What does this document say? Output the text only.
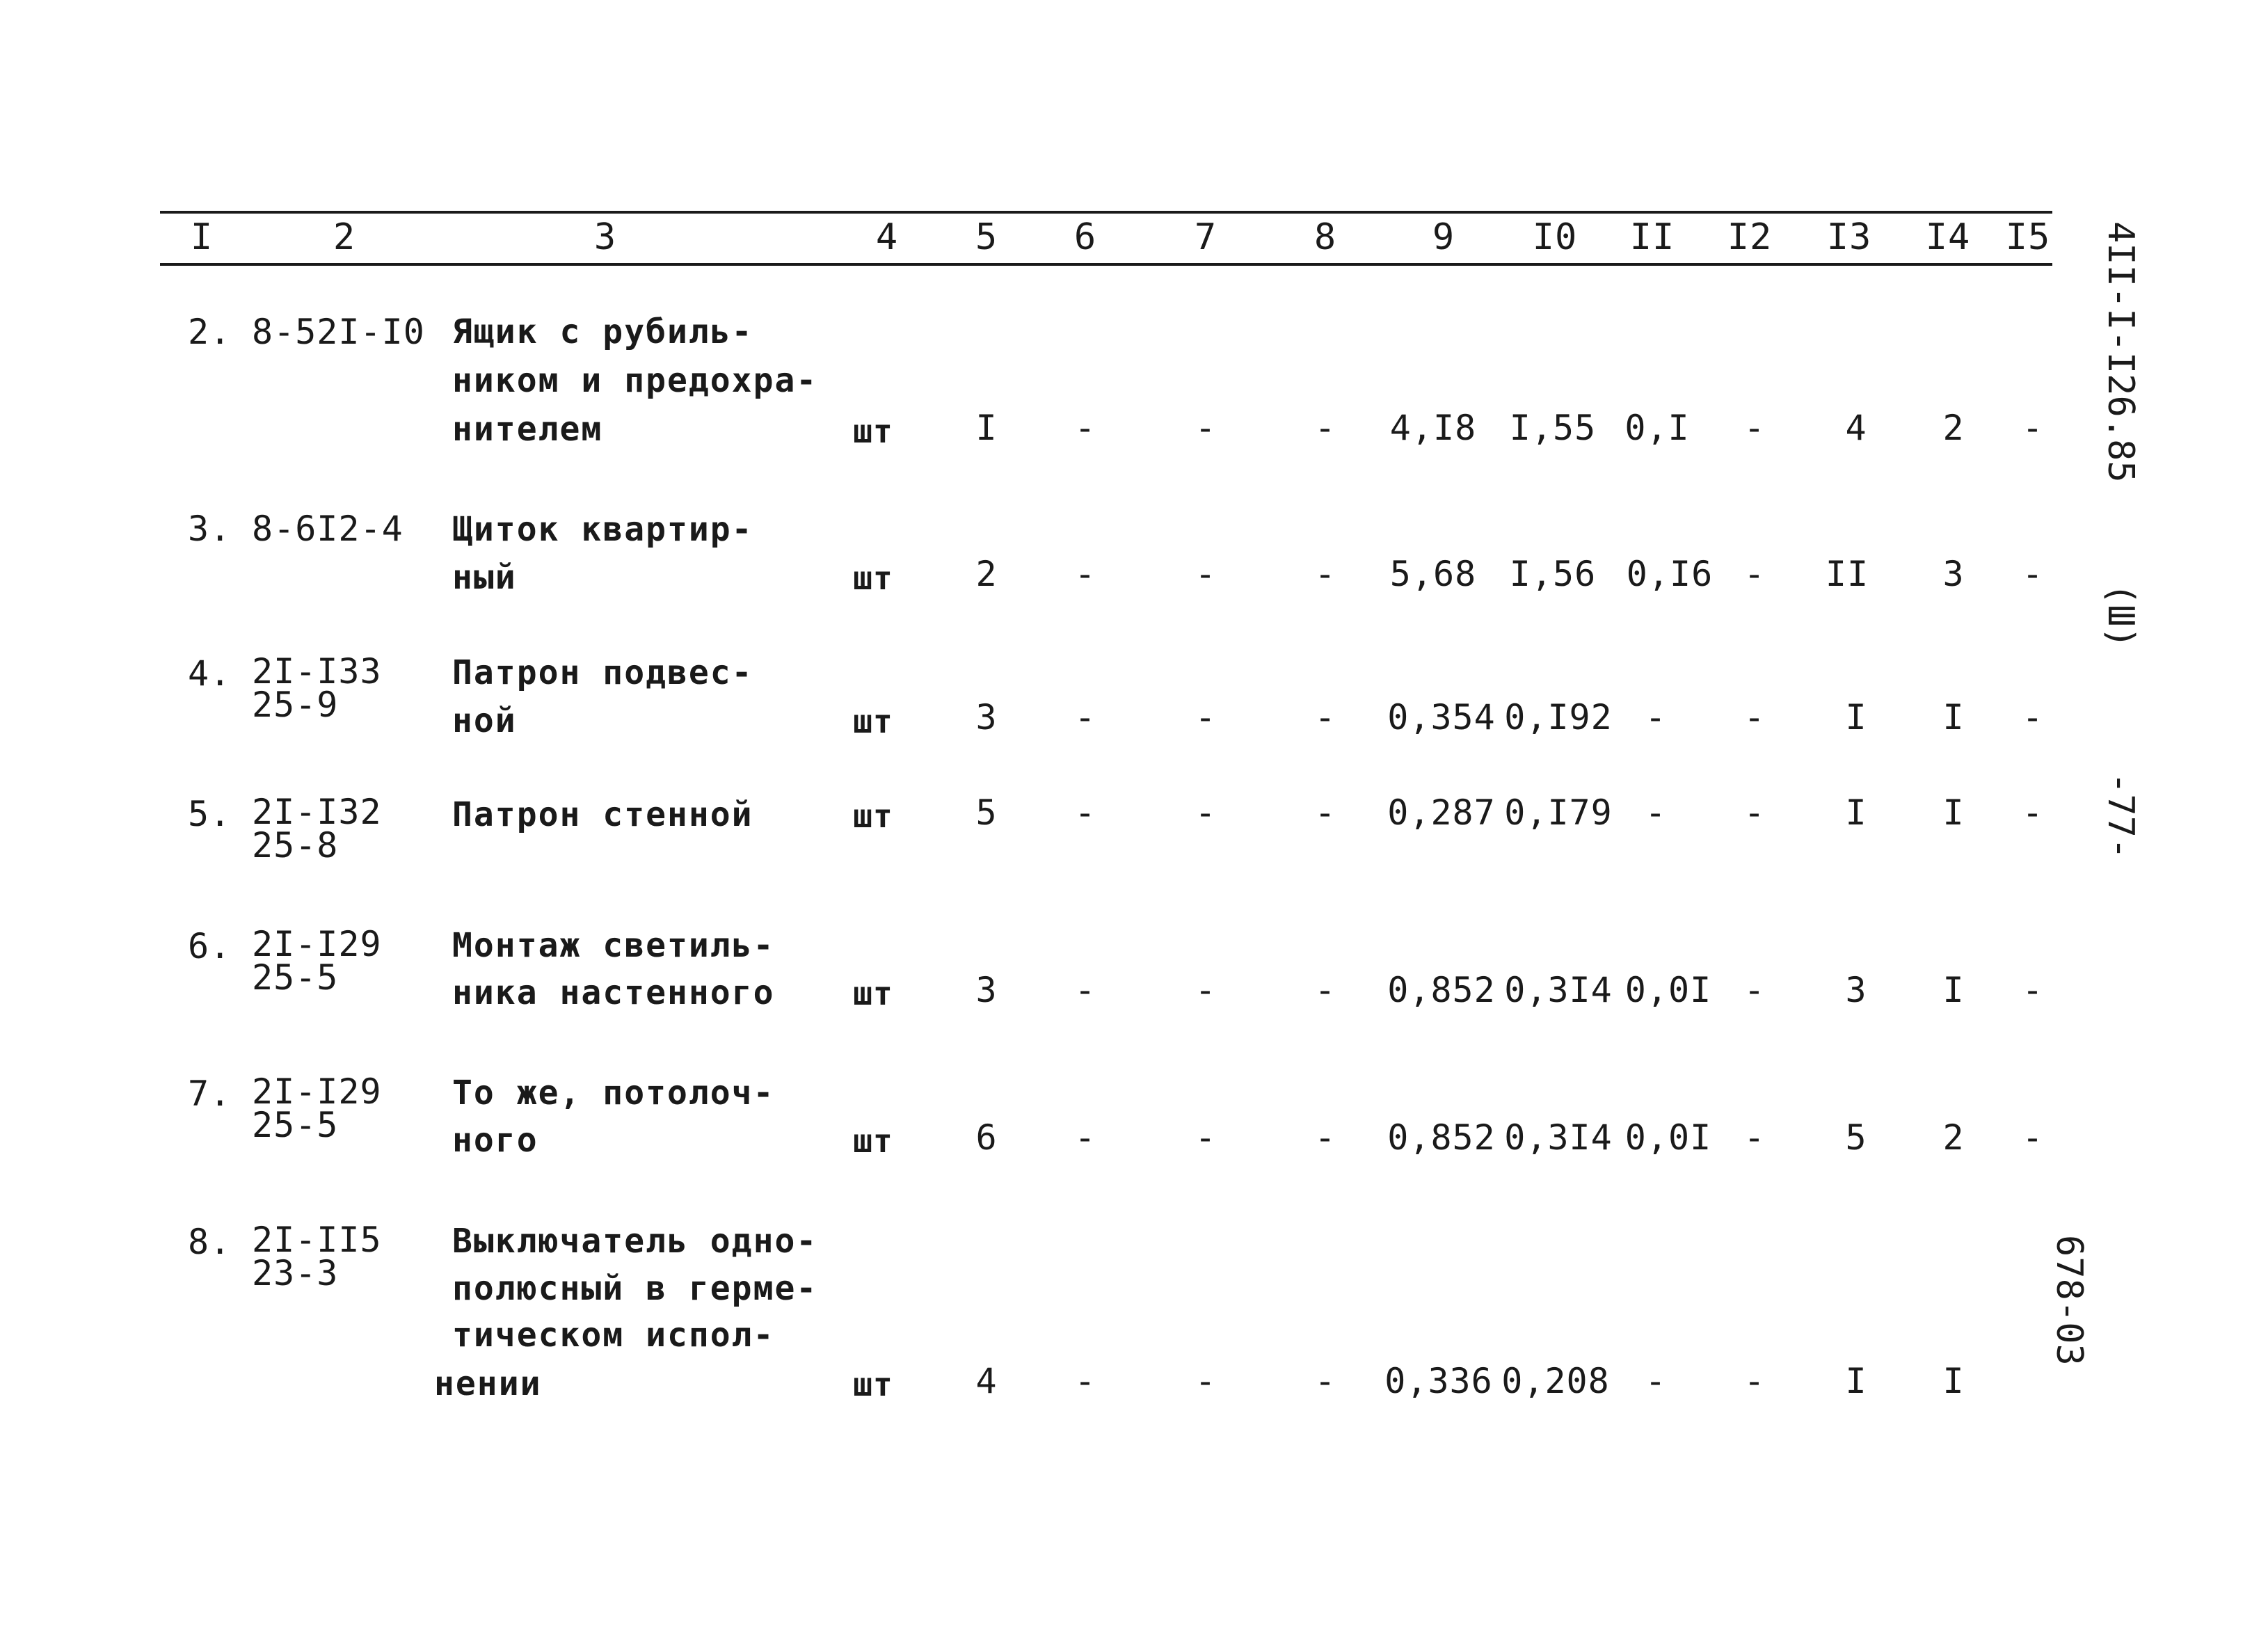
I	2	3	4 5 6	7	8	9 I0 II I2 I3 I4 I5
2. 8-52I-I0 Ящик с рубиль-
ником и предохра-
нителем	шт I -	-	- 4,I8 I,55 0,I - 4 2 -
3. 8-6I2-4 Щиток квартир-
ный	шт 2 -	-	- 5,68 I,56 0,I6 - II 3 -
4. 2I-I33
25-9
Патрон подвес-
ной	шт 3 -	-	- 0,354 0,I92 - - I I -
5. 2I-I32
25-8
Патрон стенной	шт 5 -	-	- 0,287 0,I79 - - I I -
6. 2I-I29
25-5
Монтаж светиль-
ника настенного шт 3 -	-	- 0,852 0,3I4 0,0I - 3 I -
7. 2I-I29
25-5
То же, потолоч-
ного	шт 6 -	-	- 0,852 0,3I4 0,0I - 5 2 -
8. 2I-II5
23-3
Выключатель одно-
полюсный в герме-
тическом испол-
нении	шт 4 -	-	- 0,336 0,208 - - I I
4II-I-I26.85
(Ш)
-77-
678-03
